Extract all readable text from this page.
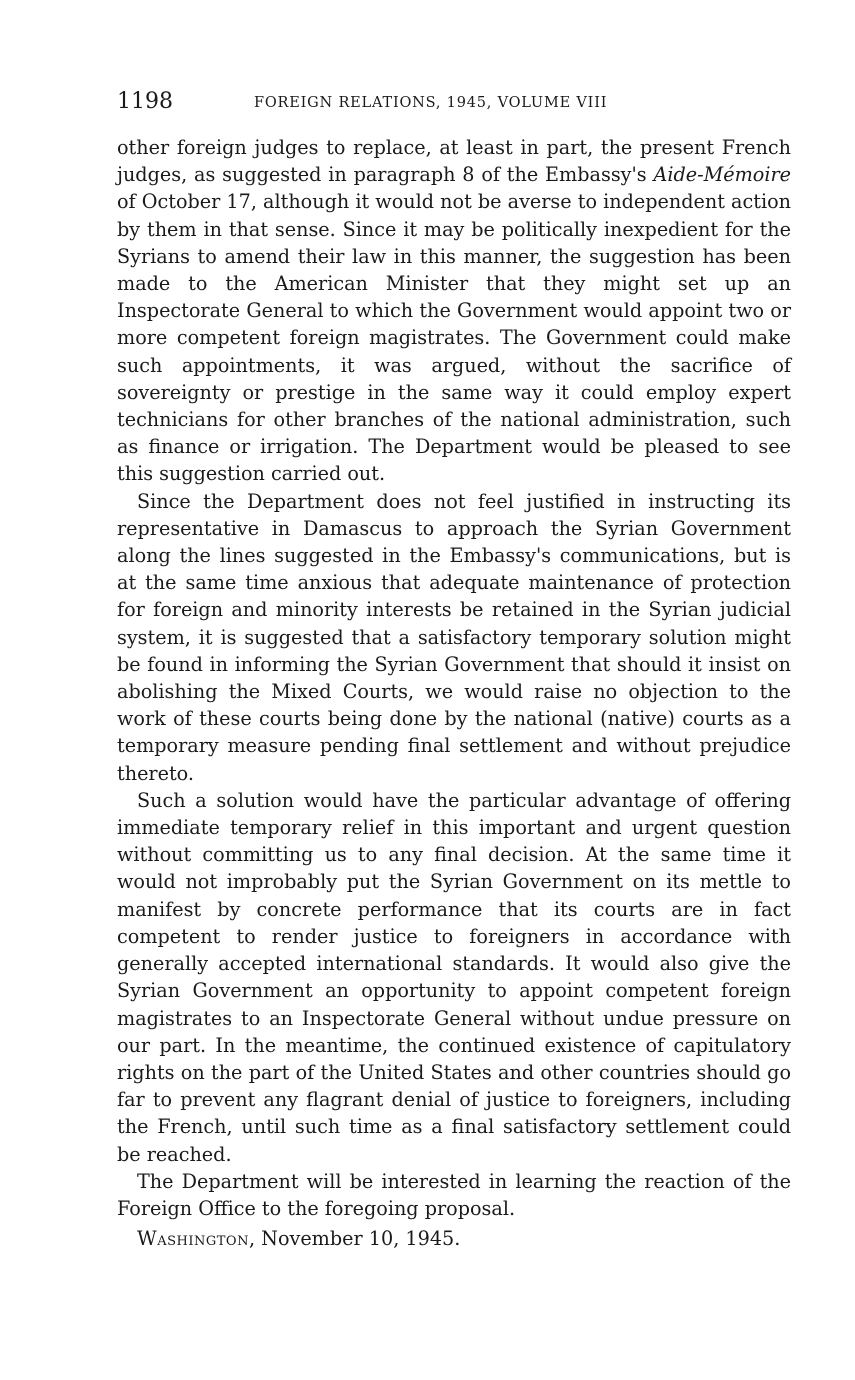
1198	FOREIGN RELATIONS, 1945, VOLUME VIII

other foreign judges to replace, at least in part, the present French judges, as suggested in paragraph 8 of the Embassy's Aide-Mémoire of October 17, although it would not be averse to independent action by them in that sense. Since it may be politically inexpedient for the Syrians to amend their law in this manner, the suggestion has been made to the American Minister that they might set up an Inspectorate General to which the Government would appoint two or more competent foreign magistrates. The Government could make such appointments, it was argued, without the sacrifice of sovereignty or prestige in the same way it could employ expert technicians for other branches of the national administration, such as finance or irrigation. The Department would be pleased to see this suggestion carried out.

Since the Department does not feel justified in instructing its representative in Damascus to approach the Syrian Government along the lines suggested in the Embassy's communications, but is at the same time anxious that adequate maintenance of protection for foreign and minority interests be retained in the Syrian judicial system, it is suggested that a satisfactory temporary solution might be found in informing the Syrian Government that should it insist on abolishing the Mixed Courts, we would raise no objection to the work of these courts being done by the national (native) courts as a temporary measure pending final settlement and without prejudice thereto.

Such a solution would have the particular advantage of offering immediate temporary relief in this important and urgent question without committing us to any final decision. At the same time it would not improbably put the Syrian Government on its mettle to manifest by concrete performance that its courts are in fact competent to render justice to foreigners in accordance with generally accepted international standards. It would also give the Syrian Government an opportunity to appoint competent foreign magistrates to an Inspectorate General without undue pressure on our part. In the meantime, the continued existence of capitulatory rights on the part of the United States and other countries should go far to prevent any flagrant denial of justice to foreigners, including the French, until such time as a final satisfactory settlement could be reached.

The Department will be interested in learning the reaction of the Foreign Office to the foregoing proposal.

Washington, November 10, 1945.
